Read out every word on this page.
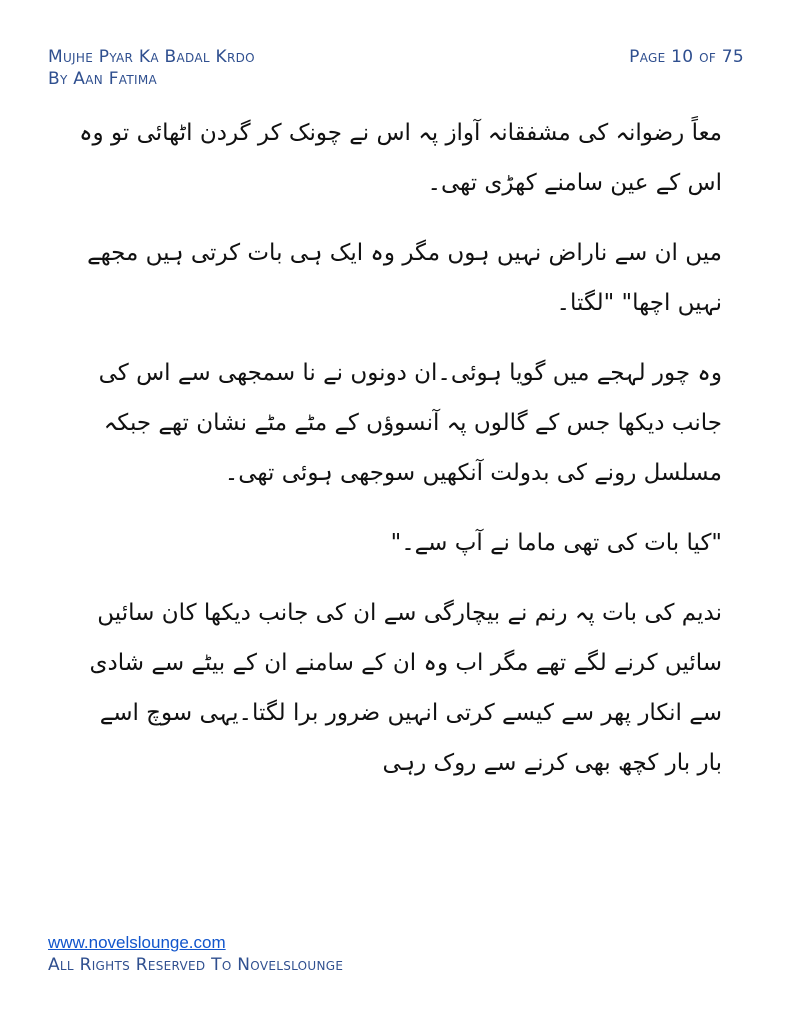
Mujhe Pyar Ka Badal Krdo
By Aan Fatima
Page 10 of 75

معاً رضوانہ کی مشفقانہ آواز پہ اس نے چونک کر گردن اٹھائی تو وہ اس کے عین سامنے کھڑی تھی۔

میں ان سے ناراض نہیں ہوں مگر وہ ایک ہی بات کرتی ہیں مجھے نہیں اچھا" "لگتا۔

وہ چور لہجے میں گویا ہوئی۔ان دونوں نے نا سمجھی سے اس کی جانب دیکھا جس کے گالوں پہ آنسوؤں کے مٹے مٹے نشان تھے جبکہ مسلسل رونے کی بدولت آنکھیں سوجھی ہوئی تھی۔

"کیا بات کی تھی ماما نے آپ سے۔"

ندیم کی بات پہ رنم نے بیچارگی سے ان کی جانب دیکھا کان سائیں سائیں کرنے لگے تھے مگر اب وہ ان کے سامنے ان کے بیٹے سے شادی سے انکار پھر سے کیسے کرتی انہیں ضرور برا لگتا۔یہی سوچ اسے بار بار کچھ بھی کرنے سے روک رہی

www.novelslounge.com
All Rights Reserved To Novelslounge
